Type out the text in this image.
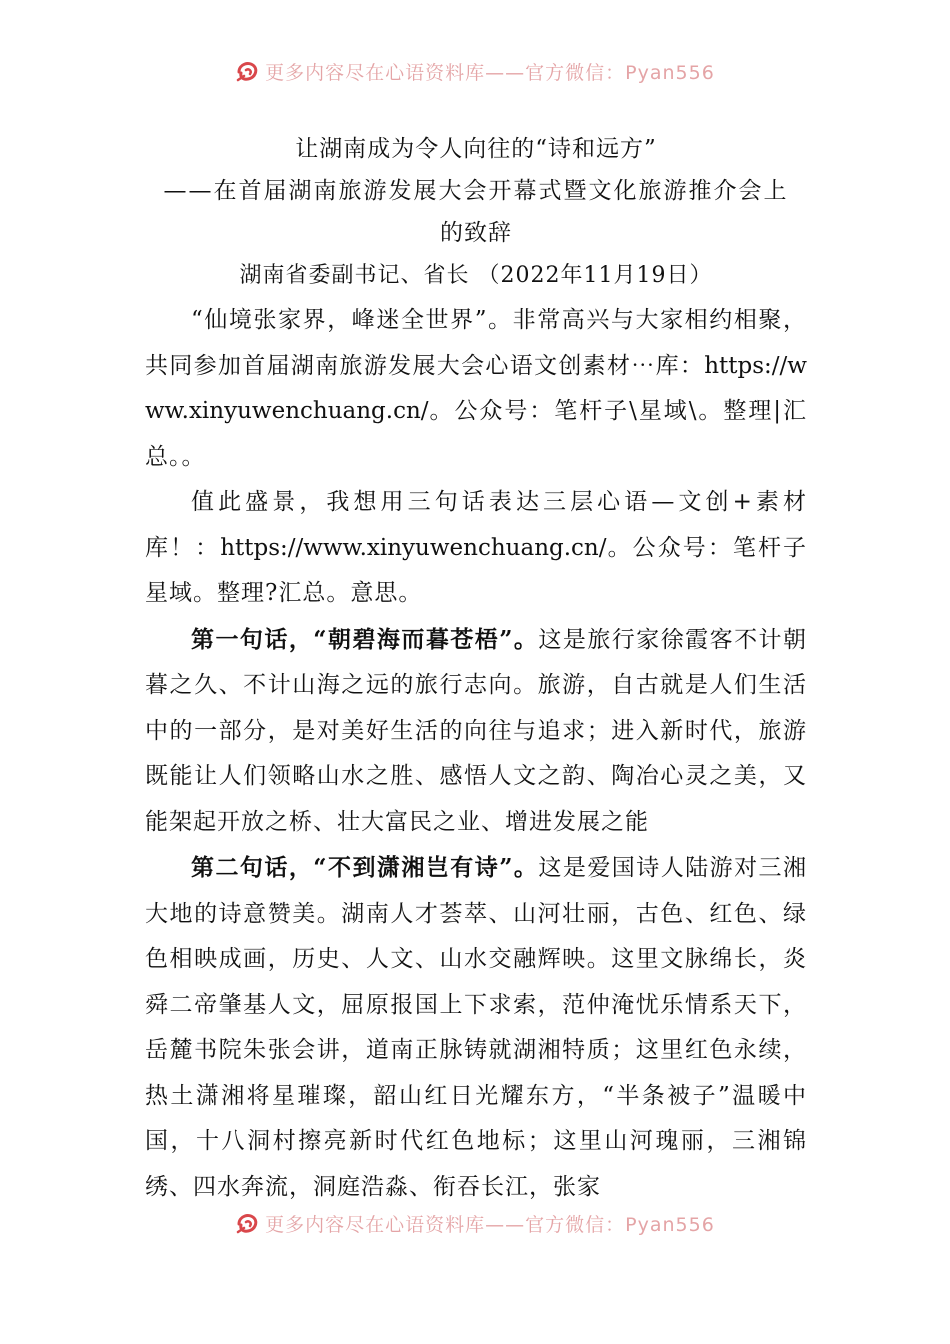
更多内容尽在心语资料库——官方微信：Pyan556
让湖南成为令人向往的“诗和远方”
——在首届湖南旅游发展大会开幕式暨文化旅游推介会上
的致辞
湖南省委副书记、省长 （2022年11月19日）

“仙境张家界，峰迷全世界”。非常高兴与大家相约相聚，共同参加首届湖南旅游发展大会心语文创素材⋯库：https://www.xinyuwenchuang.cn/。公众号：笔杆子\星域\。整理|汇总。。

值此盛景，我想用三句话表达三层心语—文创+素材库！：https://www.xinyuwenchuang.cn/。公众号：笔杆子星域。整理?汇总。意思。

第一句话，“朝碧海而暮苍梧”。这是旅行家徐霞客不计朝暮之久、不计山海之远的旅行志向。旅游，自古就是人们生活中的一部分，是对美好生活的向往与追求；进入新时代，旅游既能让人们领略山水之胜、感悟人文之韵、陶冶心灵之美，又能架起开放之桥、壮大富民之业、增进发展之能

第二句话，“不到潇湘岂有诗”。这是爱国诗人陆游对三湘大地的诗意赞美。湖南人才荟萃、山河壮丽，古色、红色、绿色相映成画，历史、人文、山水交融辉映。这里文脉绵长，炎舜二帝肇基人文，屈原报国上下求索，范仲淹忧乐情系天下，岳麓书院朱张会讲，道南正脉铸就湖湘特质；这里红色永续，热土潇湘将星璀璨，韶山红日光耀东方，“半条被子”温暖中国，十八洞村擦亮新时代红色地标；这里山河瑰丽，三湘锦绣、四水奔流，洞庭浩淼、衔吞长江，张家

更多内容尽在心语资料库——官方微信：Pyan556
